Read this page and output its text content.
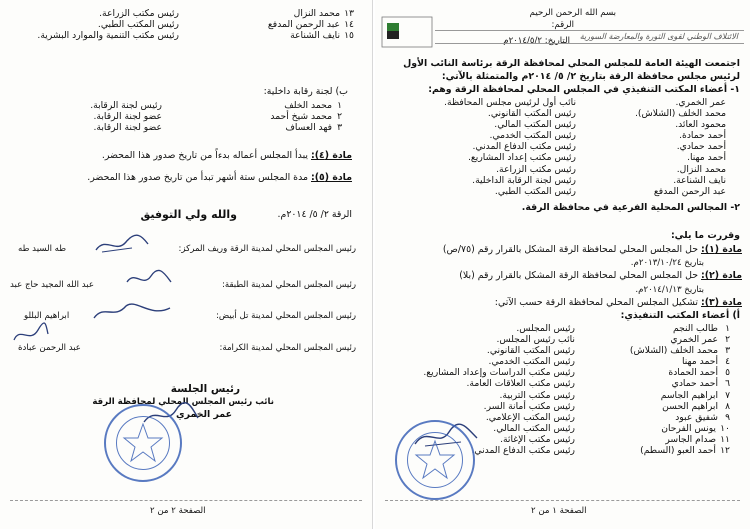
١٣
محمد النزال
رئيس مكتب الزراعة.
١٤
عبد الرحمن المدفع
رئيس المكتب الطبي.
١٥
نايف الشناعة
رئيس مكتب التنمية والموارد البشرية.
ب) لجنة رقابة داخلية:
١
محمد الخلف
رئيس لجنة الرقابة.
٢
محمد شيخ أحمد
عضو لجنة الرقابة.
٣
فهد العساف
عضو لجنة الرقابة.
مادة (٤): يبدأ المجلس أعماله بدءاً من تاريخ صدور هذا المحضر.
مادة (٥): مدة المجلس ستة أشهر تبدأ من تاريخ صدور هذا المحضر.
والله ولي التوفيق	الرقة ٢/ ٥/ ٢٠١٤م.
رئيس المجلس المحلي لمدينة الرقة وريف المركز:
طه السيد طه
رئيس المجلس المحلي لمدينة الطبقة:
عبد الله المجيد حاج عبد
رئيس المجلس المحلي لمدينة تل أبيض:
ابراهيم البللو
رئيس المجلس المحلي لمدينة الكرامة:
عبد الرحمن عبادة
رئيس الجلسة
نائب رئيس المجلس المحلي لمحافظة الرقة
عمر الخمري
الصفحة ٢ من ٢
بسم الله الرحمن الرحيم
الرقم:
التاريخ: ٢٠١٤/٥/٢م الائتلاف الوطني لقوى الثورة والمعارضة السورية
اجتمعت الهيئة العامة للمجلس المحلي لمحافظة الرقة برئاسة النائب الأول
لرئيس مجلس محافظة الرقة بتاريخ ٢/ ٥/ ٢٠١٤م والمتمثلة بالآتي:
١- أعضاء المكتب التنفيذي في المجلس المحلي لمحافظة الرقة وهم:
عمر الخمري.
نائب أول لرئيس مجلس المحافظة.
محمد الخلف (الشلاش).
رئيس المكتب القانوني.
محمود العائد.
رئيس المكتب المالي.
أحمد حمادة.
رئيس المكتب الخدمي.
أحمد حمادي.
رئيس مكتب الدفاع المدني.
أحمد مهنا.
رئيس مكتب إعداد المشاريع.
محمد النزال.
رئيس مكتب الزراعة.
نايف الشناعة.
رئيس لجنة الرقابة الداخلية.
عبد الرحمن المدفع
رئيس المكتب الطبي.
٢- المجالس المحلية الفرعية في محافظة الرقة.
وقررت ما يلي:
مادة (١): حل المجلس المحلي لمحافظة الرقة المشكل بالقرار رقم (٧٥/ص)
بتاريخ ٢٠١٣/١٠/٢٤م.
مادة (٢): حل المجلس المحلي لمحافظة الرقة المشكل بالقرار رقم (بلا)
بتاريخ ٢٠١٤/١/١٣م.
مادة (٣): تشكيل المجلس المحلي لمحافظة الرقة حسب الآتي:
أ) أعضاء المكتب التنفيذي:
١
طالب النجم
رئيس المجلس.
٢
عمر الخمري
نائب رئيس المجلس.
٣
محمد الخلف (الشلاش)
رئيس المكتب القانوني.
٤
أحمد مهنا
رئيس المكتب الخدمي.
٥
أحمد الحمادة
رئيس مكتب الدراسات وإعداد المشاريع.
٦
أحمد حمادي
رئيس مكتب العلاقات العامة.
٧
ابراهيم الجاسم
رئيس مكتب التربية.
٨
ابراهيم الحسن
رئيس مكتب أمانة السر.
٩
شفيق عبود
رئيس المكتب الإعلامي.
١٠
يونس الفرحان
رئيس المكتب المالي.
١١
صدام الجاسر
رئيس مكتب الإغاثة.
١٢
أحمد العبو (السطم)
رئيس مكتب الدفاع المدني.
الصفحة ١ من ٢
